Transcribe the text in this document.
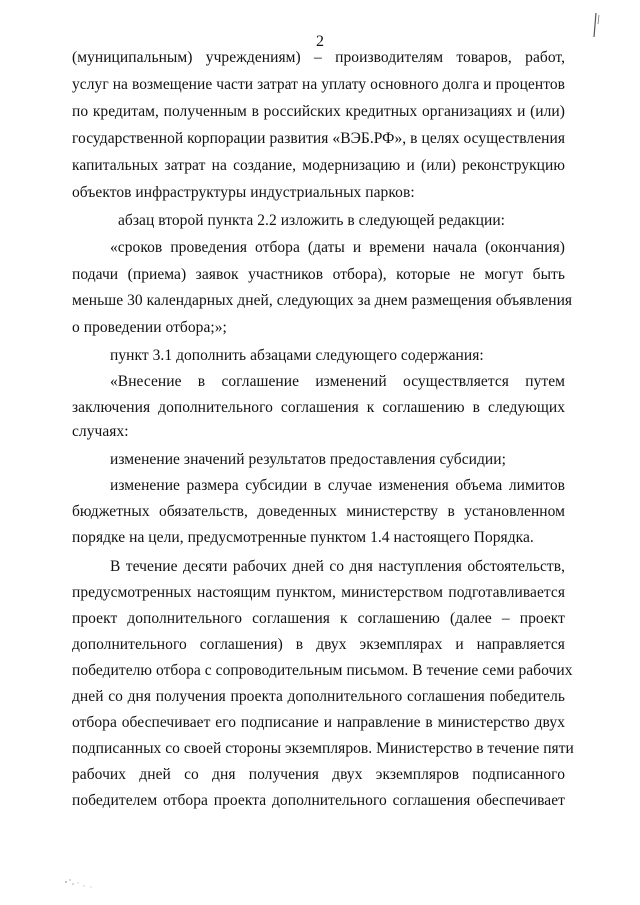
2
(муниципальным) учреждениям) – производителям товаров, работ,
услуг на возмещение части затрат на уплату основного долга и процентов
по кредитам, полученным в российских кредитных организациях и (или)
государственной корпорации развития «ВЭБ.РФ», в целях осуществления
капитальных затрат на создание, модернизацию и (или) реконструкцию
объектов инфраструктуры индустриальных парков:
абзац второй пункта 2.2 изложить в следующей редакции:
«сроков проведения отбора (даты и времени начала (окончания)
подачи (приема) заявок участников отбора), которые не могут быть
меньше 30 календарных дней, следующих за днем размещения объявления
о проведении отбора;»;
пункт 3.1 дополнить абзацами следующего содержания:
«Внесение в соглашение изменений осуществляется путем
заключения дополнительного соглашения к соглашению в следующих
случаях:
изменение значений результатов предоставления субсидии;
изменение размера субсидии в случае изменения объема лимитов
бюджетных обязательств, доведенных министерству в установленном
порядке на цели, предусмотренные пунктом 1.4 настоящего Порядка.
В течение десяти рабочих дней со дня наступления обстоятельств,
предусмотренных настоящим пунктом, министерством подготавливается
проект дополнительного соглашения к соглашению (далее – проект
дополнительного соглашения) в двух экземплярах и направляется
победителю отбора с сопроводительным письмом. В течение семи рабочих
дней со дня получения проекта дополнительного соглашения победитель
отбора обеспечивает его подписание и направление в министерство двух
подписанных со своей стороны экземпляров. Министерство в течение пяти
рабочих дней со дня получения двух экземпляров подписанного
победителем отбора проекта дополнительного соглашения обеспечивает
